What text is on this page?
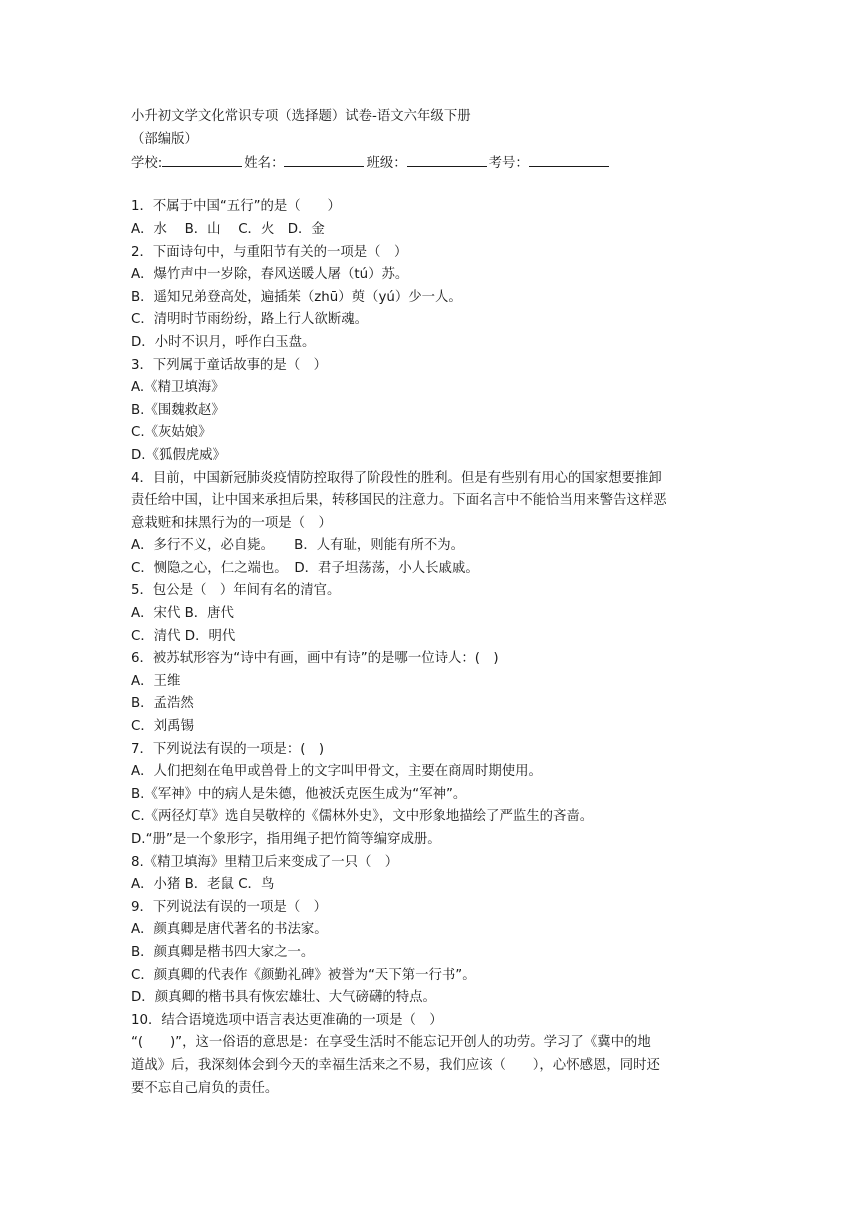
小升初文学文化常识专项（选择题）试卷-语文六年级下册
（部编版）
学校:	姓名：	班级：	考号：
1．不属于中国“五行”的是（　　）
A．水　 B．山　 C．火　D．金
2．下面诗句中，与重阳节有关的一项是（　）
A．爆竹声中一岁除，春风送暖人屠（tú）苏。
B．遥知兄弟登高处，遍插茱（zhū）萸（yú）少一人。
C．清明时节雨纷纷，路上行人欲断魂。
D．小时不识月，呼作白玉盘。
3．下列属于童话故事的是（　）
A.《精卫填海》
B.《围魏救赵》
C.《灰姑娘》
D.《狐假虎威》
4．目前，中国新冠肺炎疫情防控取得了阶段性的胜利。但是有些别有用心的国家想要推卸
责任给中国，让中国来承担后果，转移国民的注意力。下面名言中不能恰当用来警告这样恶
意栽赃和抹黑行为的一项是（　）
A．多行不义，必自毙。　　B．人有耻，则能有所不为。
C．恻隐之心，仁之端也。　D．君子坦荡荡，小人长戚戚。
5．包公是（　）年间有名的清官。
A．宋代 B．唐代
C．清代 D．明代
6．被苏轼形容为“诗中有画，画中有诗”的是哪一位诗人：(　)
A．王维
B．孟浩然
C．刘禹锡
7．下列说法有误的一项是：(　)
A．人们把刻在龟甲或兽骨上的文字叫甲骨文，主要在商周时期使用。
B.《军神》中的病人是朱德，他被沃克医生成为“军神”。
C.《两径灯草》选自吴敬梓的《儒林外史》，文中形象地描绘了严监生的吝啬。
D.“册”是一个象形字，指用绳子把竹简等编穿成册。
8.《精卫填海》里精卫后来变成了一只（　）
A．小猪 B．老鼠 C．鸟
9．下列说法有误的一项是（　）
A．颜真卿是唐代著名的书法家。
B．颜真卿是楷书四大家之一。
C．颜真卿的代表作《颜勤礼碑》被誉为“天下第一行书”。
D．颜真卿的楷书具有恢宏雄壮、大气磅礴的特点。
10．结合语境选项中语言表达更准确的一项是（　）
“(　　)”，这一俗语的意思是：在享受生活时不能忘记开创人的功劳。学习了《冀中的地
道战》后，我深刻体会到今天的幸福生活来之不易，我们应该（　　），心怀感恩，同时还
要不忘自己肩负的责任。
